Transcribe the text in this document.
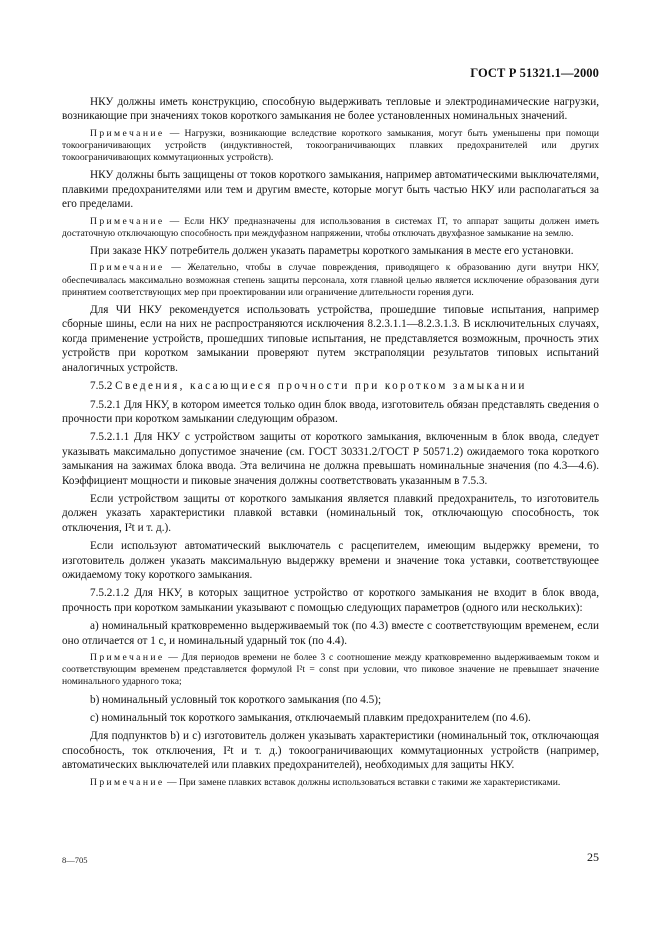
ГОСТ Р 51321.1—2000

НКУ должны иметь конструкцию, способную выдерживать тепловые и электродинамические нагрузки, возникающие при значениях токов короткого замыкания не более установленных номинальных значений.

Примечание — Нагрузки, возникающие вследствие короткого замыкания, могут быть уменьшены при помощи токоограничивающих устройств (индуктивностей, токоограничивающих плавких предохранителей или других токоограничивающих коммутационных устройств).

НКУ должны быть защищены от токов короткого замыкания, например автоматическими выключателями, плавкими предохранителями или тем и другим вместе, которые могут быть частью НКУ или располагаться за его пределами.

Примечание — Если НКУ предназначены для использования в системах IT, то аппарат защиты должен иметь достаточную отключающую способность при междуфазном напряжении, чтобы отключать двухфазное замыкание на землю.

При заказе НКУ потребитель должен указать параметры короткого замыкания в месте его установки.

Примечание — Желательно, чтобы в случае повреждения, приводящего к образованию дуги внутри НКУ, обеспечивалась максимально возможная степень защиты персонала, хотя главной целью является исключение образования дуги принятием соответствующих мер при проектировании или ограничение длительности горения дуги.

Для ЧИ НКУ рекомендуется использовать устройства, прошедшие типовые испытания, например сборные шины, если на них не распространяются исключения 8.2.3.1.1—8.2.3.1.3. В исключительных случаях, когда применение устройств, прошедших типовые испытания, не представляется возможным, прочность этих устройств при коротком замыкании проверяют путем экстраполяции результатов типовых испытаний аналогичных устройств.

7.5.2 Сведения, касающиеся прочности при коротком замыкании

7.5.2.1 Для НКУ, в котором имеется только один блок ввода, изготовитель обязан представлять сведения о прочности при коротком замыкании следующим образом.

7.5.2.1.1 Для НКУ с устройством защиты от короткого замыкания, включенным в блок ввода, следует указывать максимально допустимое значение (см. ГОСТ 30331.2/ГОСТ Р 50571.2) ожидаемого тока короткого замыкания на зажимах блока ввода. Эта величина не должна превышать номинальные значения (по 4.3—4.6). Коэффициент мощности и пиковые значения должны соответствовать указанным в 7.5.3.

Если устройством защиты от короткого замыкания является плавкий предохранитель, то изготовитель должен указать характеристики плавкой вставки (номинальный ток, отключающую способность, ток отключения, I²t и т. д.).

Если используют автоматический выключатель с расцепителем, имеющим выдержку времени, то изготовитель должен указать максимальную выдержку времени и значение тока уставки, соответствующее ожидаемому току короткого замыкания.

7.5.2.1.2 Для НКУ, в которых защитное устройство от короткого замыкания не входит в блок ввода, прочность при коротком замыкании указывают с помощью следующих параметров (одного или нескольких):

a) номинальный кратковременно выдерживаемый ток (по 4.3) вместе с соответствующим временем, если оно отличается от 1 с, и номинальный ударный ток (по 4.4).

Примечание — Для периодов времени не более 3 с соотношение между кратковременно выдерживаемым током и соответствующим временем представляется формулой I²t = const при условии, что пиковое значение не превышает значение номинального ударного тока;

b) номинальный условный ток короткого замыкания (по 4.5);

c) номинальный ток короткого замыкания, отключаемый плавким предохранителем (по 4.6).

Для подпунктов b) и c) изготовитель должен указывать характеристики (номинальный ток, отключающая способность, ток отключения, I²t и т. д.) токоограничивающих коммутационных устройств (например, автоматических выключателей или плавких предохранителей), необходимых для защиты НКУ.

Примечание — При замене плавких вставок должны использоваться вставки с такими же характеристиками.

8—705	25
